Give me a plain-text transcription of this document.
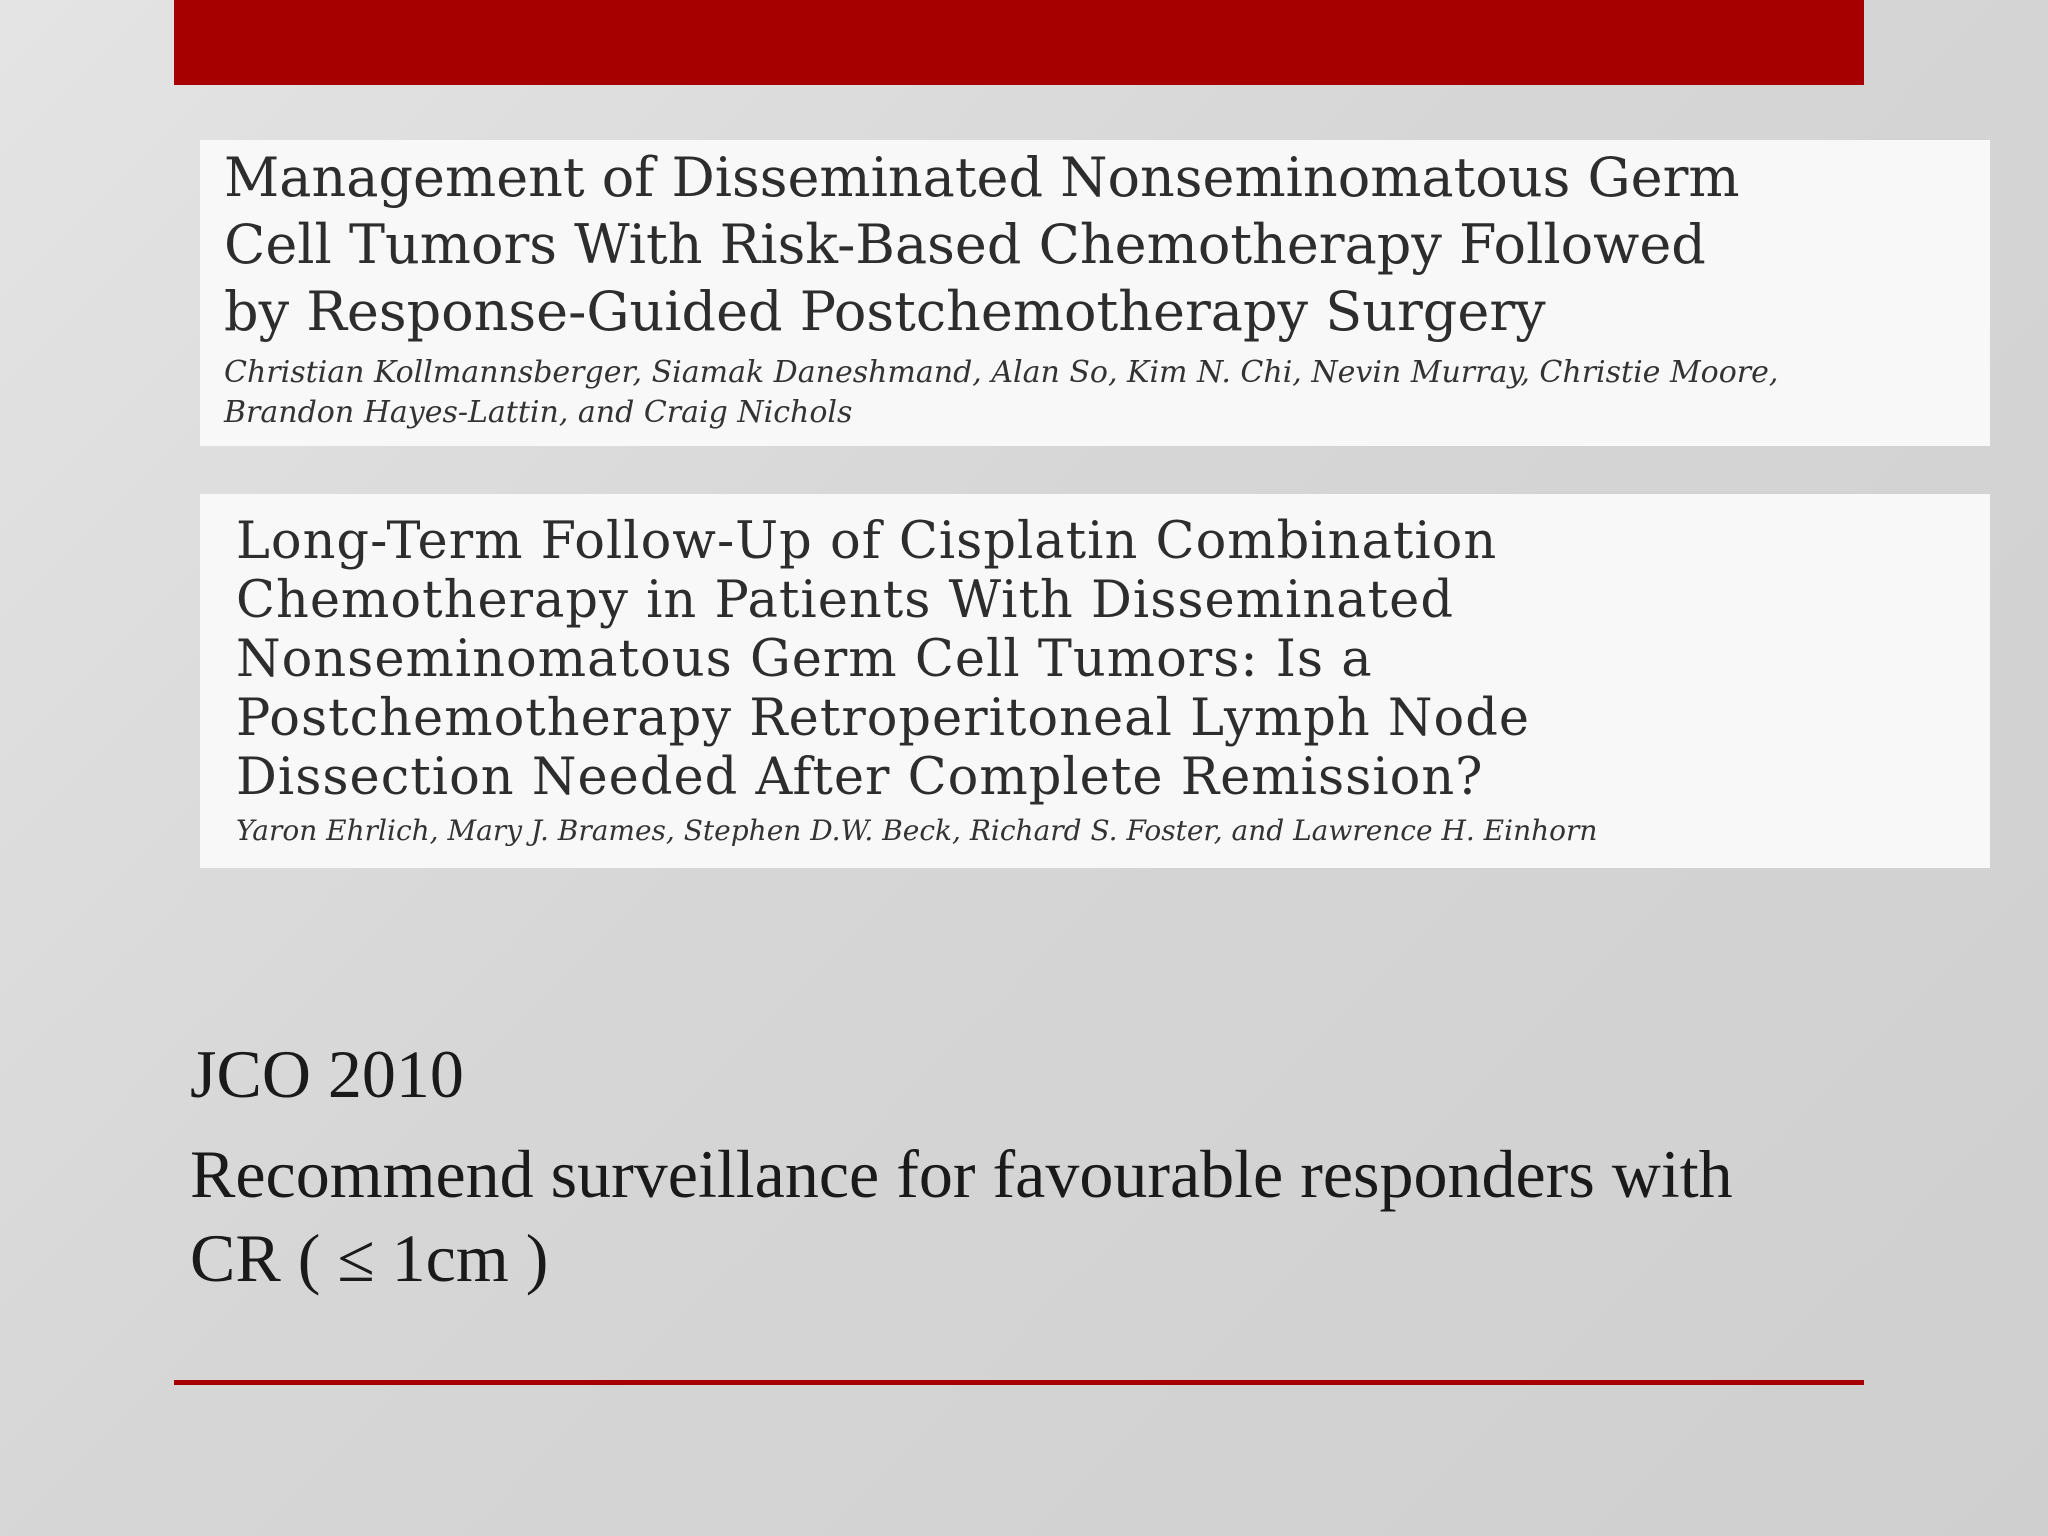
Management of Disseminated Nonseminomatous Germ
Cell Tumors With Risk-Based Chemotherapy Followed
by Response-Guided Postchemotherapy Surgery

Christian Kollmannsberger, Siamak Daneshmand, Alan So, Kim N. Chi, Nevin Murray, Christie Moore,
Brandon Hayes-Lattin, and Craig Nichols

Long-Term Follow-Up of Cisplatin Combination
Chemotherapy in Patients With Disseminated
Nonseminomatous Germ Cell Tumors: Is a
Postchemotherapy Retroperitoneal Lymph Node
Dissection Needed After Complete Remission?

Yaron Ehrlich, Mary J. Brames, Stephen D.W. Beck, Richard S. Foster, and Lawrence H. Einhorn

JCO 2010

Recommend surveillance for favourable responders with
CR ( ≤ 1cm )
